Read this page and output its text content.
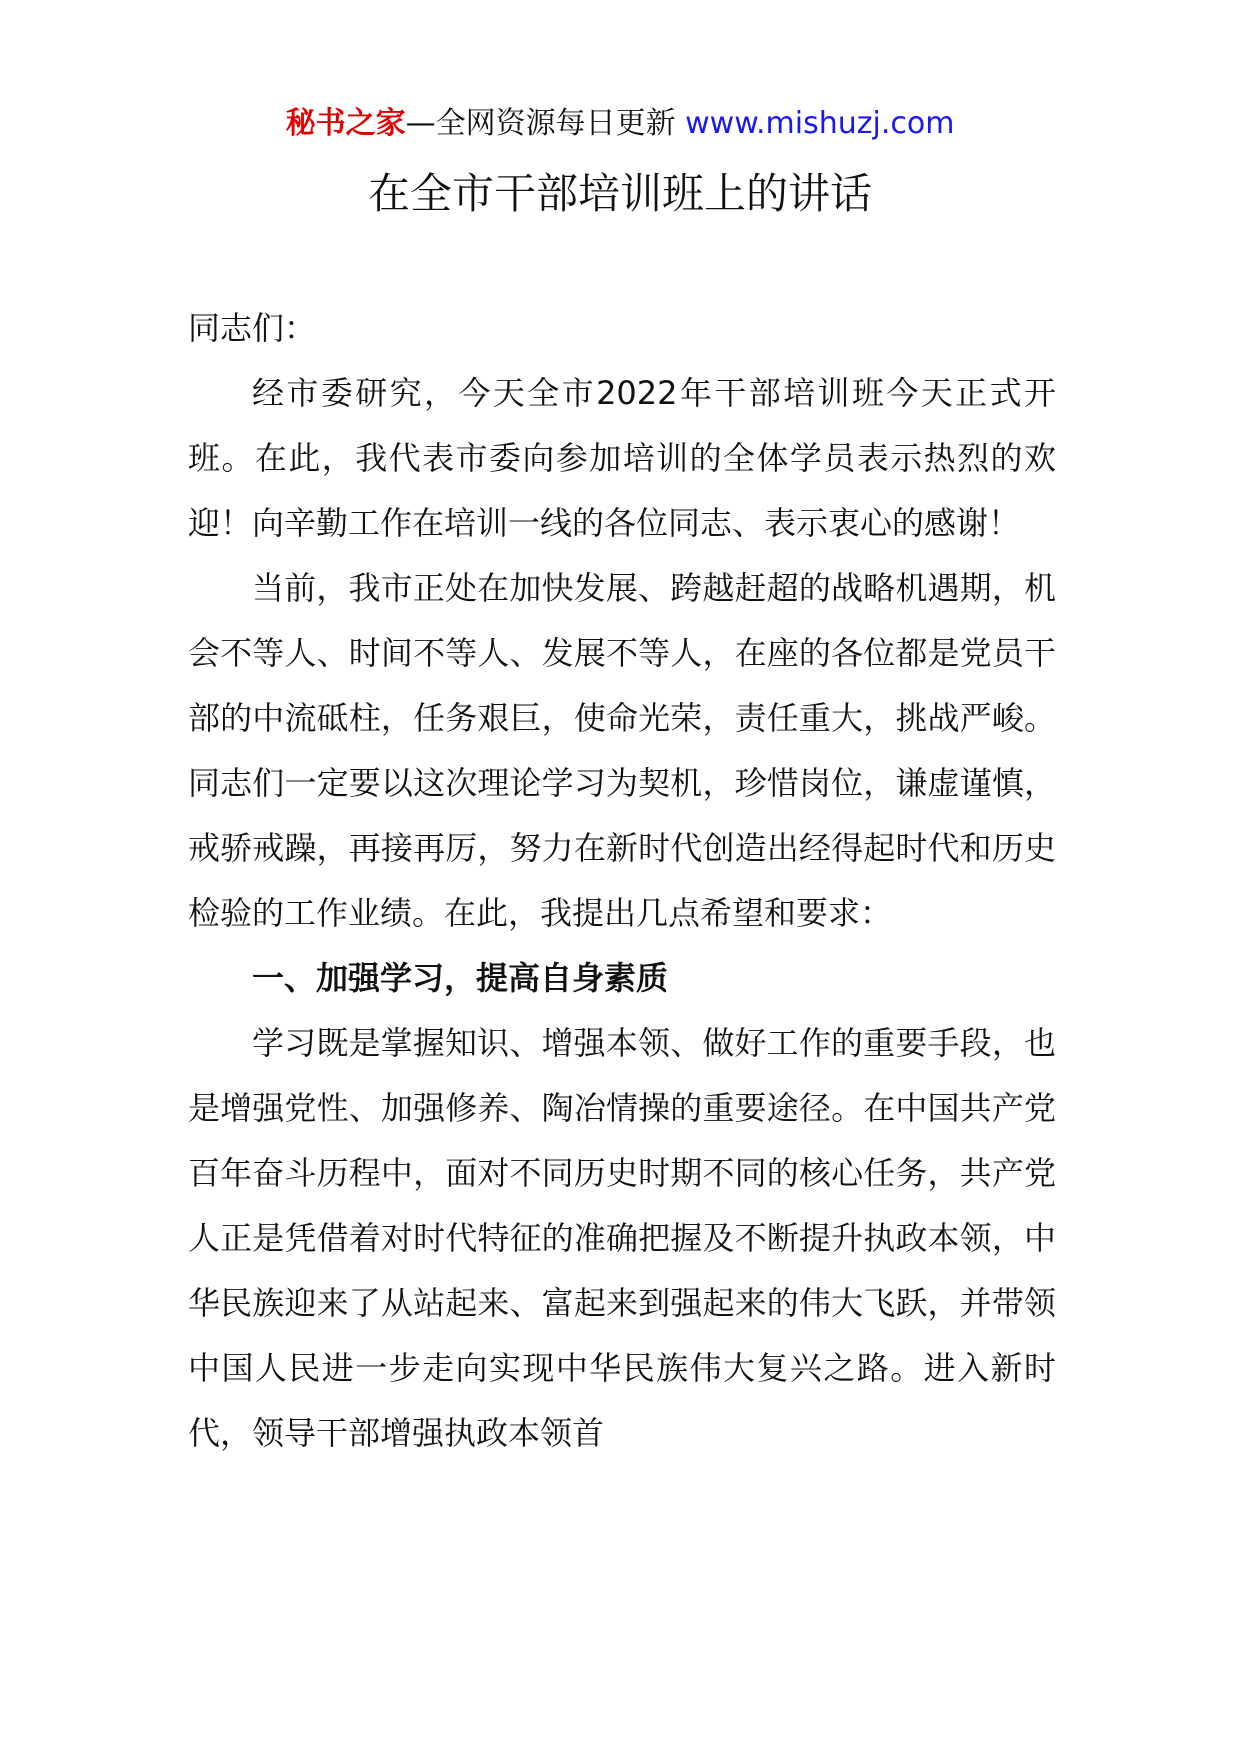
秘书之家—全网资源每日更新 www.mishuzj.com
在全市干部培训班上的讲话

同志们：

经市委研究，今天全市2022年干部培训班今天正式开班。在此，我代表市委向参加培训的全体学员表示热烈的欢迎！向辛勤工作在培训一线的各位同志、表示衷心的感谢！

当前，我市正处在加快发展、跨越赶超的战略机遇期，机会不等人、时间不等人、发展不等人，在座的各位都是党员干部的中流砥柱，任务艰巨，使命光荣，责任重大，挑战严峻。同志们一定要以这次理论学习为契机，珍惜岗位，谦虚谨慎，戒骄戒躁，再接再厉，努力在新时代创造出经得起时代和历史检验的工作业绩。在此，我提出几点希望和要求：

一、加强学习，提高自身素质

学习既是掌握知识、增强本领、做好工作的重要手段，也是增强党性、加强修养、陶冶情操的重要途径。在中国共产党百年奋斗历程中，面对不同历史时期不同的核心任务，共产党人正是凭借着对时代特征的准确把握及不断提升执政本领，中华民族迎来了从站起来、富起来到强起来的伟大飞跃，并带领中国人民进一步走向实现中华民族伟大复兴之路。进入新时代，领导干部增强执政本领首
